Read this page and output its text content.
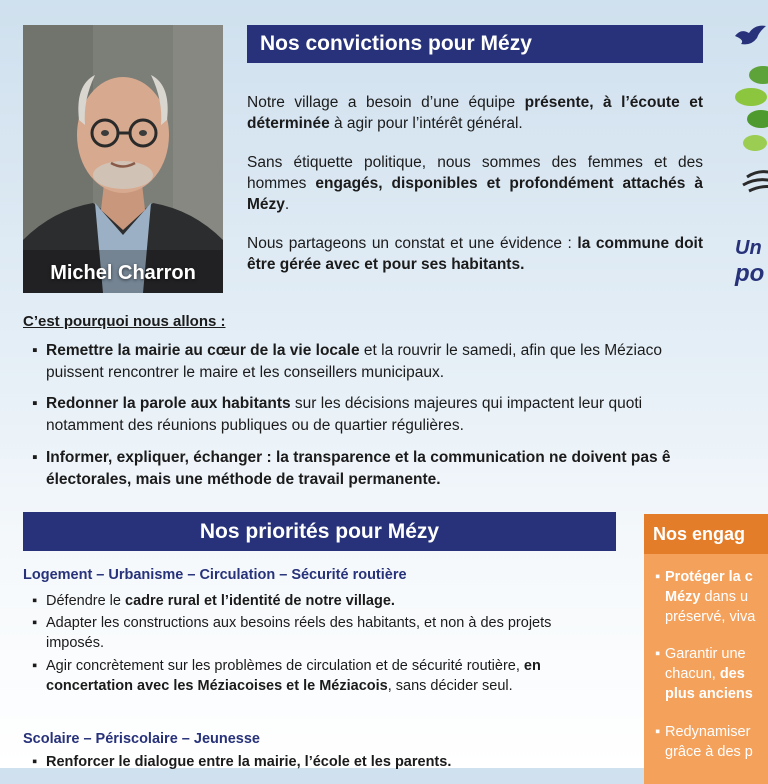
Michel Charron
Nos convictions pour Mézy
Notre village a besoin d’une équipe présente, à l’écoute et déterminée à agir pour l’intérêt général.
Sans étiquette politique, nous sommes des femmes et des hommes engagés, disponibles et profondément attachés à Mézy.
Nous partageons un constat et une évidence : la commune doit être gérée avec et pour ses habitants.
Un
po
C’est pourquoi nous allons :
▪ Remettre la mairie au cœur de la vie locale et la rouvrir le samedi, afin que les Méziaco
puissent rencontrer le maire et les conseillers municipaux.
▪ Redonner la parole aux habitants sur les décisions majeures qui impactent leur quoti
notamment des réunions publiques ou de quartier régulières.
▪ Informer, expliquer, échanger : la transparence et la communication ne doivent pas ê
électorales, mais une méthode de travail permanente.
Nos priorités pour Mézy
Logement – Urbanisme – Circulation – Sécurité routière
▪ Défendre le cadre rural et l’identité de notre village.
▪ Adapter les constructions aux besoins réels des habitants, et non à des projets imposés.
▪ Agir concrètement sur les problèmes de circulation et de sécurité routière, en concertation avec les Méziacoises et le Méziacois, sans décider seul.
Scolaire – Périscolaire – Jeunesse
▪ Renforcer le dialogue entre la mairie, l’école et les parents.
Nos engag
▪ Protéger la c
Mézy dans u
préservé, viva
▪ Garantir une
chacun, des
plus anciens
▪ Redynamiser
grâce à des p
